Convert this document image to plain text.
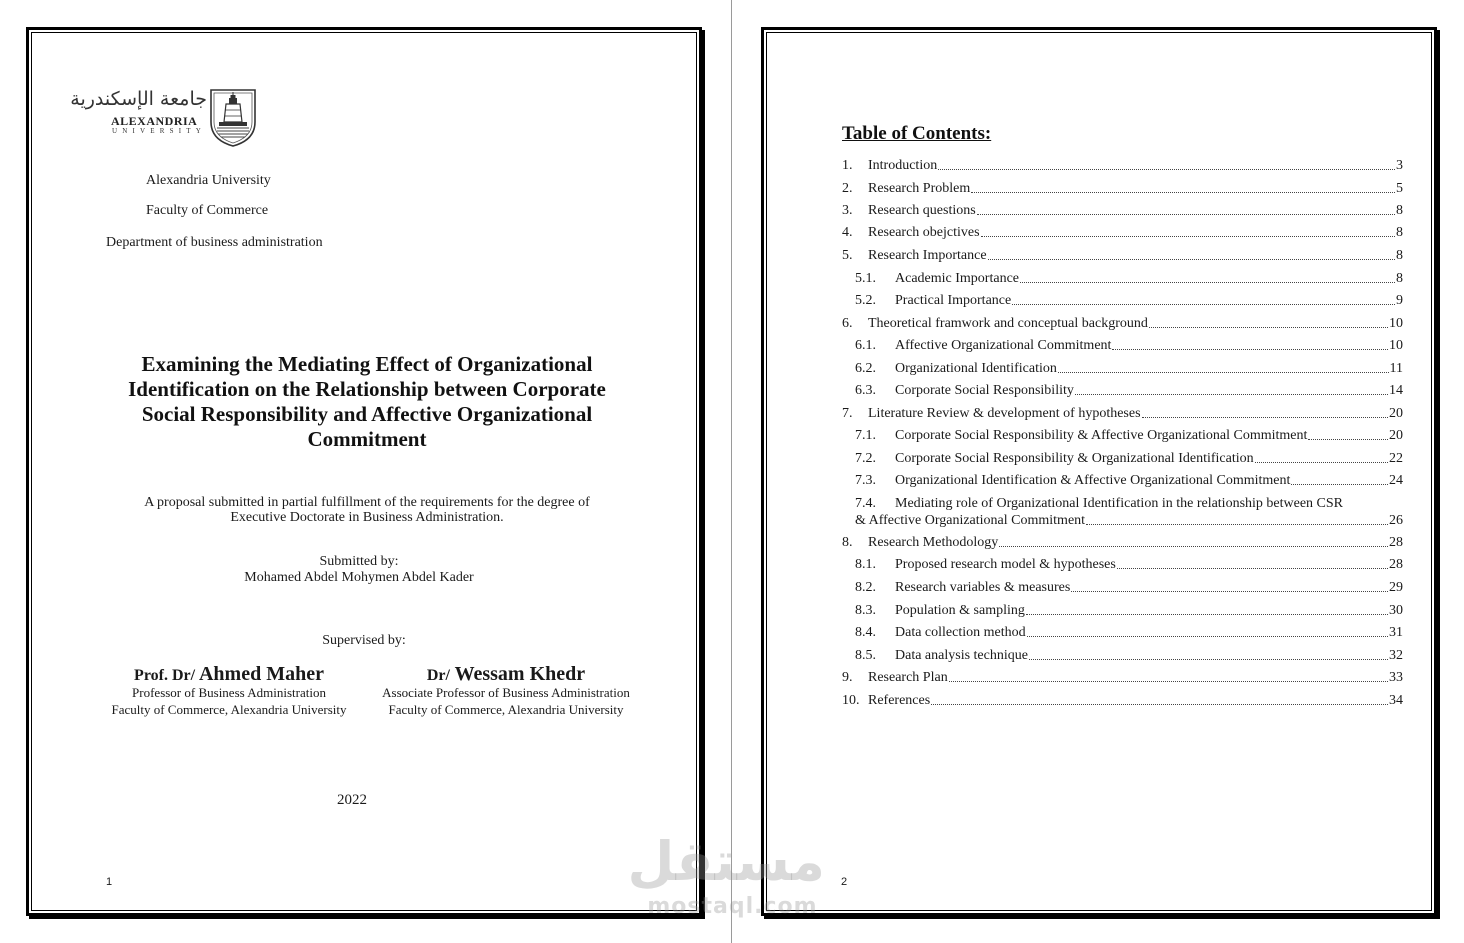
جامعة الإسكندرية
ALEXANDRIA
UNIVERSITY
Alexandria University
Faculty of Commerce
Department of business administration
Examining the Mediating Effect of Organizational
Identification on the Relationship between Corporate
Social Responsibility and Affective Organizational
Commitment
A proposal submitted in partial fulfillment of the requirements for the degree of
Executive Doctorate in Business Administration.
Submitted by:
Mohamed Abdel Mohymen Abdel Kader
Supervised by:
Prof. Dr/ Ahmed Maher
Professor of Business Administration
Faculty of Commerce, Alexandria University
Dr/ Wessam Khedr
Associate Professor of Business Administration
Faculty of Commerce, Alexandria University
2022
1
Table of Contents:
1.	Introduction	3
2.	Research Problem	5
3.	Research questions	8
4.	Research obejctives	8
5.	Research Importance	8
5.1.	Academic Importance	8
5.2.	Practical Importance	9
6.	Theoretical framwork and conceptual background	10
6.1.	Affective Organizational Commitment	10
6.2.	Organizational Identification	11
6.3.	Corporate Social Responsibility	14
7.	Literature Review & development of hypotheses	20
7.1.	Corporate Social Responsibility & Affective Organizational Commitment	20
7.2.	Corporate Social Responsibility & Organizational Identification	22
7.3.	Organizational Identification & Affective Organizational Commitment	24
7.4.	Mediating role of Organizational Identification in the relationship between CSR
& Affective Organizational Commitment	26
8.	Research Methodology	28
8.1.	Proposed research model & hypotheses	28
8.2.	Research variables & measures	29
8.3.	Population & sampling	30
8.4.	Data collection method	31
8.5.	Data analysis technique	32
9.	Research Plan	33
10. References	34
2
مستقل
mostaql.com
